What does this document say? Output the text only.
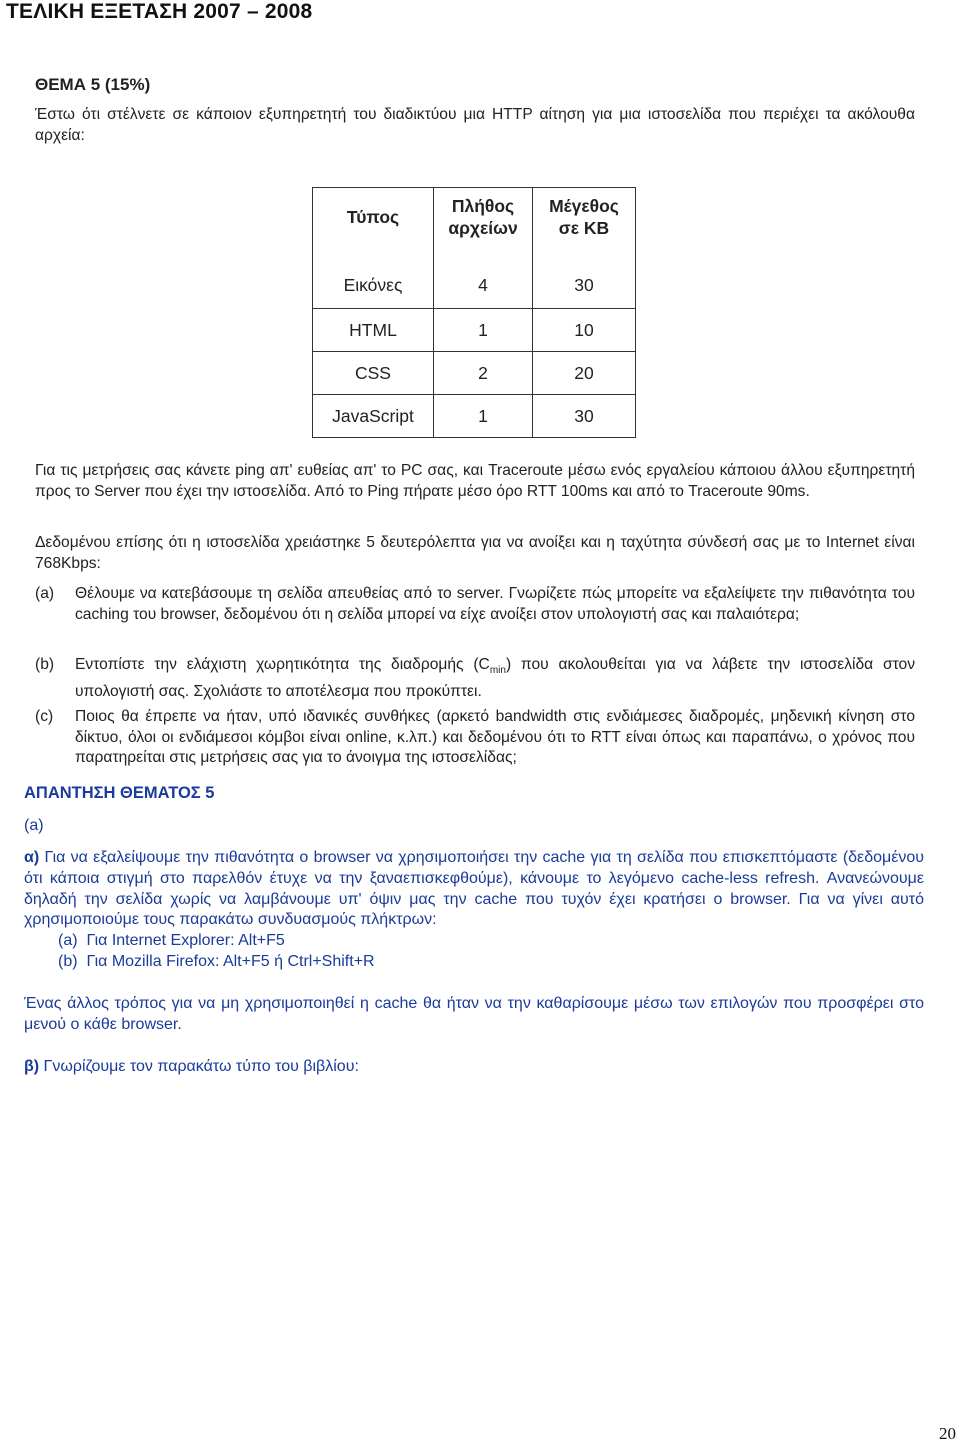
ΤΕΛΙΚΗ ΕΞΕΤΑΣΗ 2007 – 2008
ΘΕΜΑ 5 (15%)
Έστω ότι στέλνετε σε κάποιον εξυπηρετητή του διαδικτύου μια HTTP αίτηση για μια ιστοσελίδα που περιέχει τα ακόλουθα αρχεία:
Τύπος	Πλήθος αρχείων	Μέγεθος σε KB
Εικόνες	4	30
HTML	1	10
CSS	2	20
JavaScript	1	30
Για τις μετρήσεις σας κάνετε ping απ' ευθείας απ' το PC σας, και Traceroute μέσω ενός εργαλείου κάποιου άλλου εξυπηρετητή προς το Server που έχει την ιστοσελίδα. Από το Ping πήρατε μέσο όρο RTT 100ms και από το Traceroute 90ms.
Δεδομένου επίσης ότι η ιστοσελίδα χρειάστηκε 5 δευτερόλεπτα για να ανοίξει και η ταχύτητα σύνδεσή σας με το Internet είναι 768Kbps:
(a) Θέλουμε να κατεβάσουμε τη σελίδα απευθείας από το server. Γνωρίζετε πώς μπορείτε να εξαλείψετε την πιθανότητα του caching του browser, δεδομένου ότι η σελίδα μπορεί να είχε ανοίξει στον υπολογιστή σας και παλαιότερα;
(b) Εντοπίστε την ελάχιστη χωρητικότητα της διαδρομής $(C_{min})$ που ακολουθείται για να λάβετε την ιστοσελίδα στον υπολογιστή σας. Σχολιάστε το αποτέλεσμα που προκύπτει.
(c) Ποιος θα έπρεπε να ήταν, υπό ιδανικές συνθήκες (αρκετό bandwidth στις ενδιάμεσες διαδρομές, μηδενική κίνηση στο δίκτυο, όλοι οι ενδιάμεσοι κόμβοι είναι online, κ.λπ.) και δεδομένου ότι το RTT είναι όπως και παραπάνω, ο χρόνος που παρατηρείται στις μετρήσεις σας για το άνοιγμα της ιστοσελίδας;
ΑΠΑΝΤΗΣΗ ΘΕΜΑΤΟΣ 5
(a)
α) Για να εξαλείψουμε την πιθανότητα ο browser να χρησιμοποιήσει την cache για τη σελίδα που επισκεπτόμαστε (δεδομένου ότι κάποια στιγμή στο παρελθόν έτυχε να την ξαναεπισκεφθούμε), κάνουμε το λεγόμενο cache-less refresh. Ανανεώνουμε δηλαδή την σελίδα χωρίς να λαμβάνουμε υπ' όψιν μας την cache που τυχόν έχει κρατήσει ο browser. Για να γίνει αυτό χρησιμοποιούμε τους παρακάτω συνδυασμούς πλήκτρων:
(a) Για Internet Explorer: Alt+F5
(b) Για Mozilla Firefox: Alt+F5 ή Ctrl+Shift+R
Ένας άλλος τρόπος για να μη χρησιμοποιηθεί η cache θα ήταν να την καθαρίσουμε μέσω των επιλογών που προσφέρει στο μενού ο κάθε browser.
β) Γνωρίζουμε τον παρακάτω τύπο του βιβλίου:
20
